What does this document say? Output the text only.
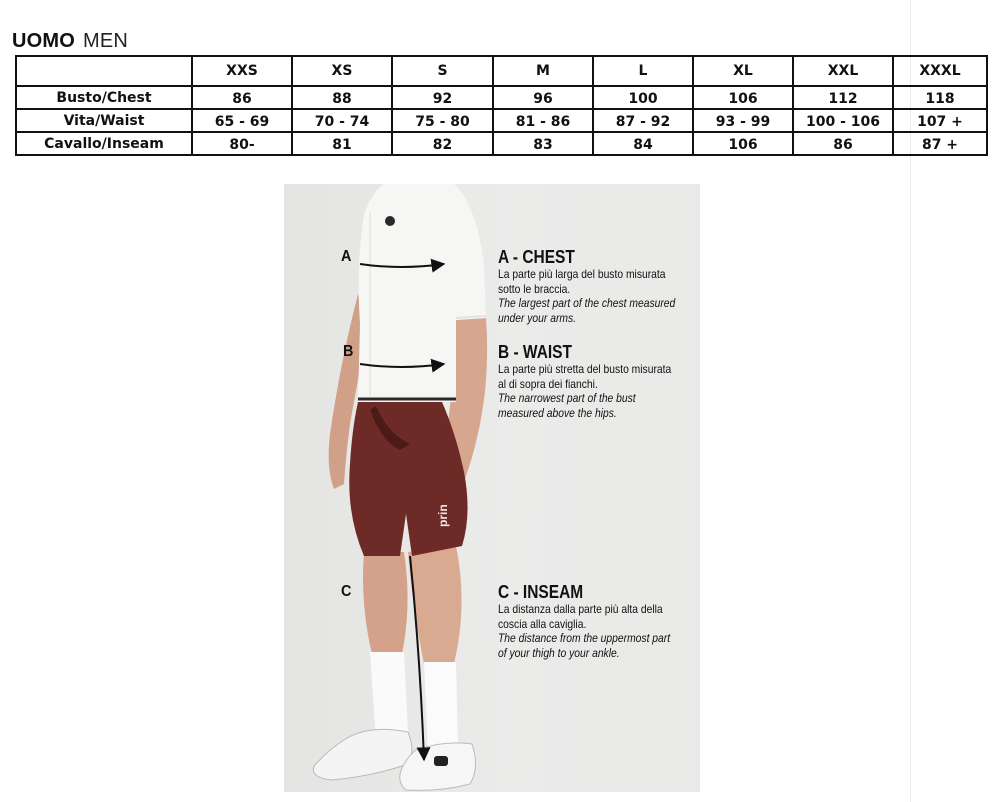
UOMO MEN
	XXS	XS	S	M	L	XL	XXL	XXXL
Busto/Chest	86	88	92	96	100	106	112	118
Vita/Waist	65 - 69	70 - 74	75 - 80	81 - 86	87 - 92	93 - 99	100 - 106	107 +
Cavallo/Inseam	80-	81	82	83	84	106	86	87 +
prin
A
B
C
A - CHEST
La parte più larga del busto misurata
sotto le braccia.
The largest part of the chest measured
under your arms.
B - WAIST
La parte più stretta del busto misurata
al di sopra dei fianchi.
The narrowest part of the bust
measured above the hips.
C - INSEAM
La distanza dalla parte più alta della
coscia alla caviglia.
The distance from the uppermost part
of your thigh to your ankle.
